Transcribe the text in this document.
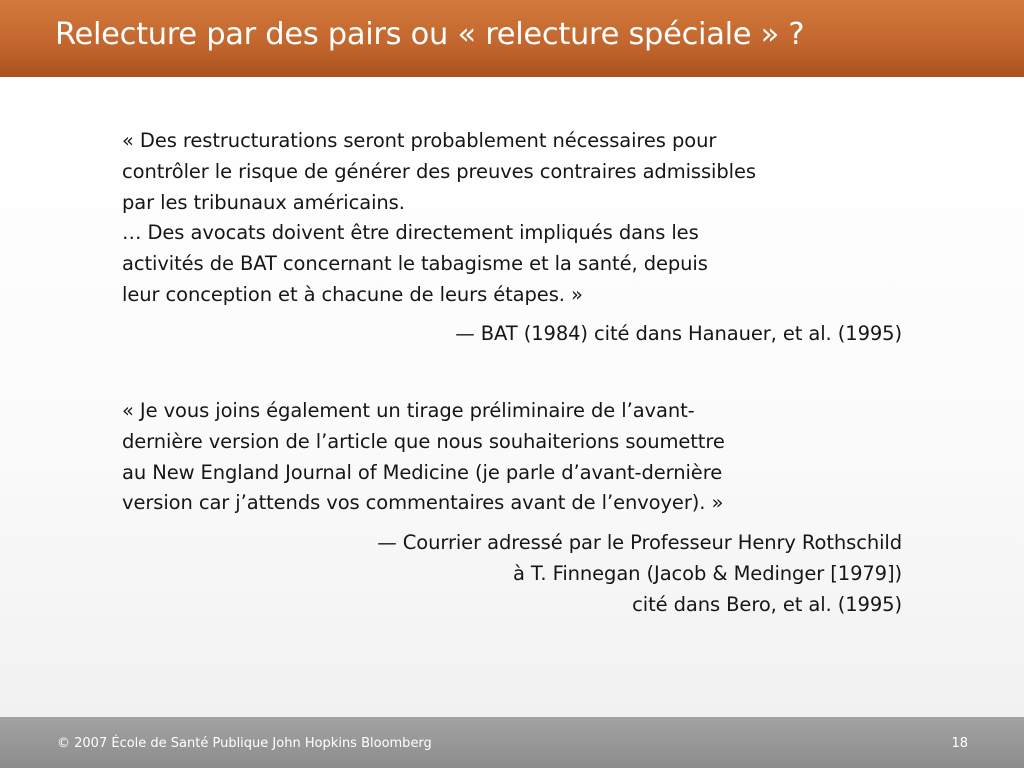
Relecture par des pairs ou « relecture spéciale » ?
« Des restructurations seront probablement nécessaires pour
contrôler le risque de générer des preuves contraires admissibles
par les tribunaux américains.
… Des avocats doivent être directement impliqués dans les
activités de BAT concernant le tabagisme et la santé, depuis
leur conception et à chacune de leurs étapes. »
— BAT (1984) cité dans Hanauer, et al. (1995)
« Je vous joins également un tirage préliminaire de l’avant-
dernière version de l’article que nous souhaiterions soumettre
au New England Journal of Medicine (je parle d’avant-dernière
version car j’attends vos commentaires avant de l’envoyer). »
— Courrier adressé par le Professeur Henry Rothschild
à T. Finnegan (Jacob & Medinger [1979])
cité dans Bero, et al. (1995)
© 2007 École de Santé Publique John Hopkins Bloomberg	18
